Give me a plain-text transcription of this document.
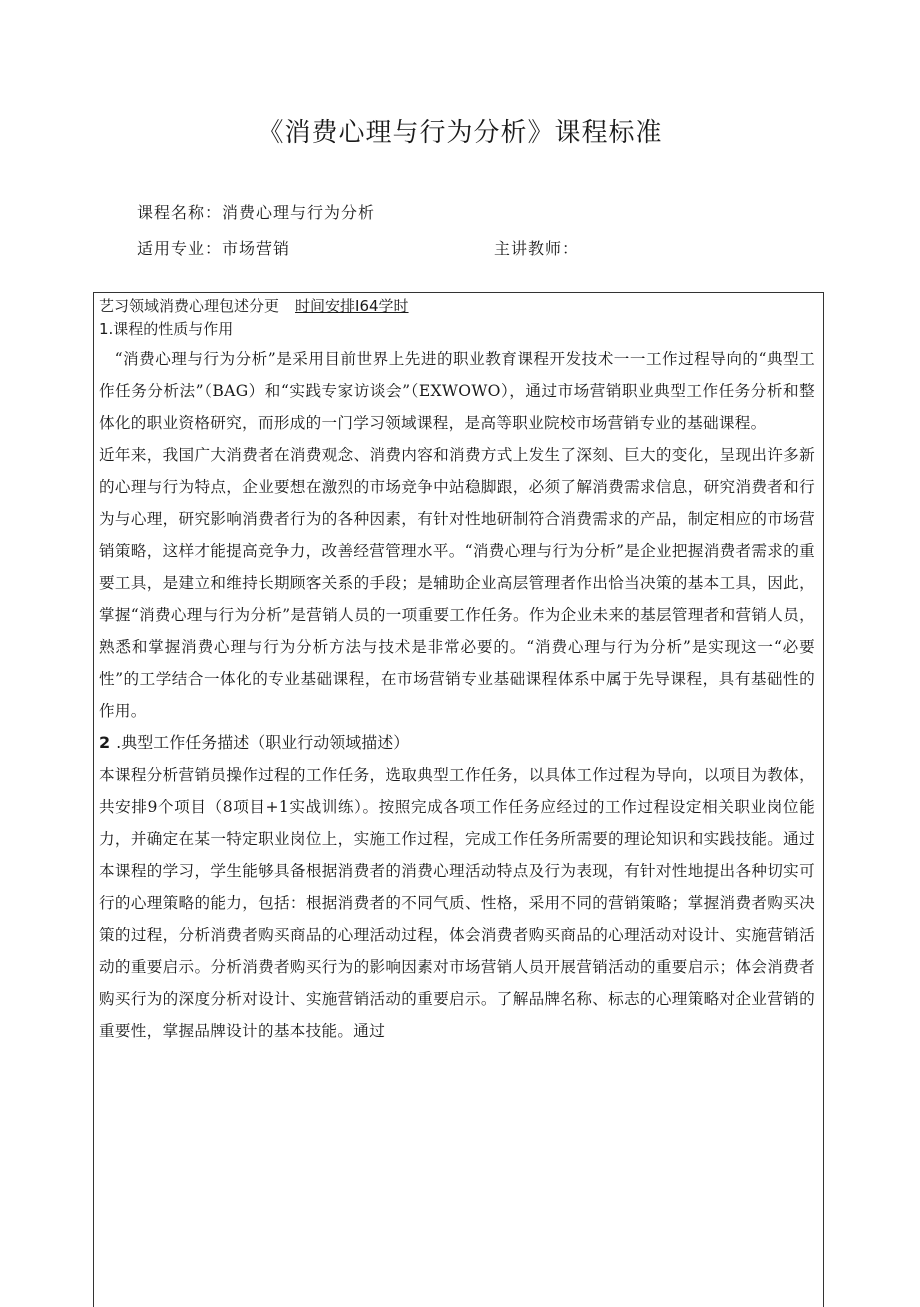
《消费心理与行为分析》课程标准
课程名称：消费心理与行为分析
适用专业：市场营销	主讲教师：
艺习领域消费心理包述分更 时间安排I64学时
1.课程的性质与作用

“消费心理与行为分析”是采用目前世界上先进的职业教育课程开发技术一一工作过程导向的“典型工作任务分析法”（BAG）和“实践专家访谈会”（EXWOWO），通过市场营销职业典型工作任务分析和整体化的职业资格研究，而形成的一门学习领域课程，是高等职业院校市场营销专业的基础课程。

近年来，我国广大消费者在消费观念、消费内容和消费方式上发生了深刻、巨大的变化，呈现出许多新的心理与行为特点，企业要想在激烈的市场竞争中站稳脚跟，必须了解消费需求信息，研究消费者和行为与心理，研究影响消费者行为的各种因素，有针对性地研制符合消费需求的产品，制定相应的市场营销策略，这样才能提高竞争力，改善经营管理水平。“消费心理与行为分析”是企业把握消费者需求的重要工具，是建立和维持长期顾客关系的手段；是辅助企业高层管理者作出恰当决策的基本工具，因此，掌握“消费心理与行为分析”是营销人员的一项重要工作任务。作为企业未来的基层管理者和营销人员，熟悉和掌握消费心理与行为分析方法与技术是非常必要的。“消费心理与行为分析”是实现这一“必要性”的工学结合一体化的专业基础课程，在市场营销专业基础课程体系中属于先导课程，具有基础性的作用。

2 .典型工作任务描述（职业行动领域描述）

本课程分析营销员操作过程的工作任务，选取典型工作任务，以具体工作过程为导向，以项目为教体，共安排9个项目（8项目+1实战训练）。按照完成各项工作任务应经过的工作过程设定相关职业岗位能力，并确定在某一特定职业岗位上，实施工作过程，完成工作任务所需要的理论知识和实践技能。通过本课程的学习，学生能够具备根据消费者的消费心理活动特点及行为表现，有针对性地提出各种切实可行的心理策略的能力，包括：根据消费者的不同气质、性格，采用不同的营销策略；掌握消费者购买决策的过程，分析消费者购买商品的心理活动过程，体会消费者购买商品的心理活动对设计、实施营销活动的重要启示。分析消费者购买行为的影响因素对市场营销人员开展营销活动的重要启示；体会消费者购买行为的深度分析对设计、实施营销活动的重要启示。了解品牌名称、标志的心理策略对企业营销的重要性，掌握品牌设计的基本技能。通过
